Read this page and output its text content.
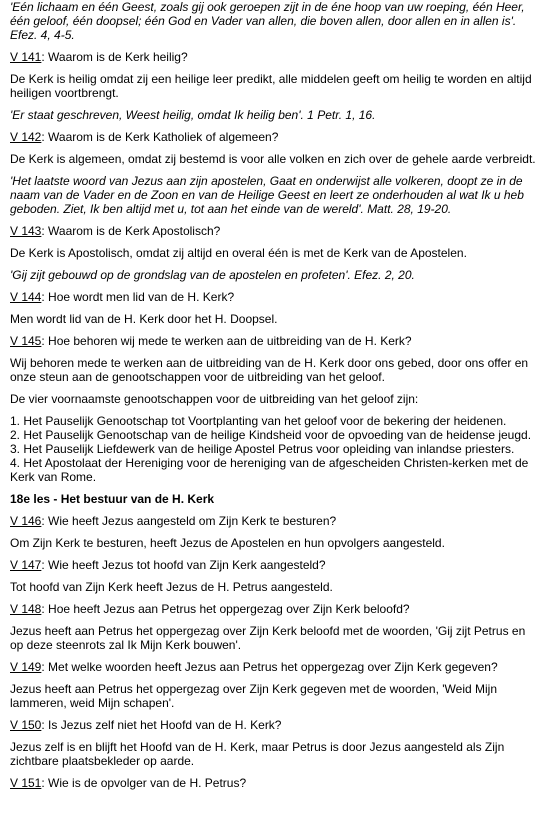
'Eén lichaam en één Geest, zoals gij ook geroepen zijt in de éne hoop van uw roeping, één Heer, één geloof, één doopsel; één God en Vader van allen, die boven allen, door allen en in allen is'. Efez. 4, 4-5.

V 141: Waarom is de Kerk heilig?

De Kerk is heilig omdat zij een heilige leer predikt, alle middelen geeft om heilig te worden en altijd heiligen voortbrengt.

'Er staat geschreven, Weest heilig, omdat Ik heilig ben'. 1 Petr. 1, 16.

V 142: Waarom is de Kerk Katholiek of algemeen?

De Kerk is algemeen, omdat zij bestemd is voor alle volken en zich over de gehele aarde verbreidt.

'Het laatste woord van Jezus aan zijn apostelen, Gaat en onderwijst alle volkeren, doopt ze in de naam van de Vader en de Zoon en van de Heilige Geest en leert ze onderhouden al wat Ik u heb geboden. Ziet, Ik ben altijd met u, tot aan het einde van de wereld'. Matt. 28, 19-20.

V 143: Waarom is de Kerk Apostolisch?

De Kerk is Apostolisch, omdat zij altijd en overal één is met de Kerk van de Apostelen.

'Gij zijt gebouwd op de grondslag van de apostelen en profeten'. Efez. 2, 20.

V 144: Hoe wordt men lid van de H. Kerk?

Men wordt lid van de H. Kerk door het H. Doopsel.

V 145: Hoe behoren wij mede te werken aan de uitbreiding van de H. Kerk?

Wij behoren mede te werken aan de uitbreiding van de H. Kerk door ons gebed, door ons offer en onze steun aan de genootschappen voor de uitbreiding van het geloof.

De vier voornaamste genootschappen voor de uitbreiding van het geloof zijn:

1. Het Pauselijk Genootschap tot Voortplanting van het geloof voor de bekering der heidenen.
2. Het Pauselijk Genootschap van de heilige Kindsheid voor de opvoeding van de heidense jeugd.
3. Het Pauselijk Liefdewerk van de heilige Apostel Petrus voor opleiding van inlandse priesters.
4. Het Apostolaat der Hereniging voor de hereniging van de afgescheiden Christen-kerken met de Kerk van Rome.

18e les - Het bestuur van de H. Kerk

V 146: Wie heeft Jezus aangesteld om Zijn Kerk te besturen?

Om Zijn Kerk te besturen, heeft Jezus de Apostelen en hun opvolgers aangesteld.

V 147: Wie heeft Jezus tot hoofd van Zijn Kerk aangesteld?

Tot hoofd van Zijn Kerk heeft Jezus de H. Petrus aangesteld.

V 148: Hoe heeft Jezus aan Petrus het oppergezag over Zijn Kerk beloofd?

Jezus heeft aan Petrus het oppergezag over Zijn Kerk beloofd met de woorden, 'Gij zijt Petrus en op deze steenrots zal Ik Mijn Kerk bouwen'.

V 149: Met welke woorden heeft Jezus aan Petrus het oppergezag over Zijn Kerk gegeven?

Jezus heeft aan Petrus het oppergezag over Zijn Kerk gegeven met de woorden, 'Weid Mijn lammeren, weid Mijn schapen'.

V 150: Is Jezus zelf niet het Hoofd van de H. Kerk?

Jezus zelf is en blijft het Hoofd van de H. Kerk, maar Petrus is door Jezus aangesteld als Zijn zichtbare plaatsbekleder op aarde.

V 151: Wie is de opvolger van de H. Petrus?
